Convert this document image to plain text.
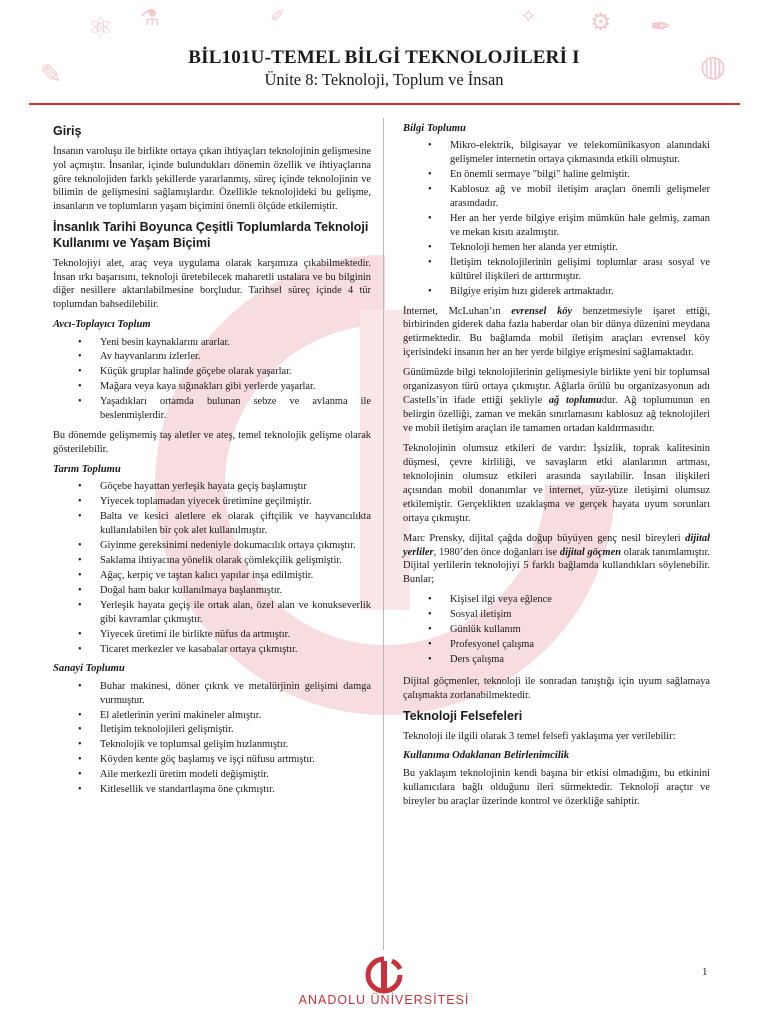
⚛
✎
⚗	⚙ ✒
◍
✧
✐
BİL101U-TEMEL BİLGİ TEKNOLOJİLERİ I
Ünite 8: Teknoloji, Toplum ve İnsan
Giriş

İnsanın varoluşu ile birlikte ortaya çıkan ihtiyaçları teknolojinin gelişmesine yol açmıştır. İnsanlar, içinde bulundukları dönemin özellik ve ihtiyaçlarına göre teknolojiden farklı şekillerde yararlanmış, süreç içinde teknolojinin ve bilimin de gelişmesini sağlamışlardır. Özellikle teknolojideki bu gelişme, insanların ve toplumların yaşam biçimini önemli ölçüde etkilemiştir.

İnsanlık Tarihi Boyunca Çeşitli Toplumlarda Teknoloji Kullanımı ve Yaşam Biçimi

Teknolojiyi alet, araç veya uygulama olarak karşımıza çıkabilmektedir. İnsan ırkı başarısını, teknoloji üretebilecek maharetli ustalara ve bu bilginin diğer nesillere aktarılabilmesine borçludur. Tarihsel süreç içinde 4 tür toplumdan bahsedilebilir.

Avcı-Toplayıcı Toplum
• Yeni besin kaynaklarını ararlar.
• Av hayvanlarını izlerler.
• Küçük gruplar halinde göçebe olarak yaşarlar.
• Mağara veya kaya sığınakları gibi yerlerde yaşarlar.
• Yaşadıkları ortamda bulunan sebze ve avlanma ile beslenmişlerdir.

Bu dönemde gelişmemiş taş aletler ve ateş, temel teknolojik gelişme olarak gösterilebilir.

Tarım Toplumu
• Göçebe hayattan yerleşik hayata geçiş başlamıştır
• Yiyecek toplamadan yiyecek üretimine geçilmiştir.
• Balta ve kesici aletlere ek olarak çiftçilik ve hayvancılıkta kullanılabilen bir çok alet kullanılmıştır.
• Giyinme gereksinimi nedeniyle dokumacılık ortaya çıkmıştır.
• Saklama ihtiyacına yönelik olarak çömlekçilik gelişmiştir.
• Ağaç, kerpiç ve taştan kalıcı yapılar inşa edilmiştir.
• Doğal ham bakır kullanılmaya başlanmıştır.
• Yerleşik hayata geçiş ile ortak alan, özel alan ve konukseverlik gibi kavramlar çıkmıştır.
• Yiyecek üretimi ile birlikte nüfus da artmıştır.
• Ticaret merkezler ve kasabalar ortaya çıkmıştır.
Sanayi Toplumu
• Buhar makinesi, döner çıkrık ve metalürjinin gelişimi damga vurmuştur.
• El aletlerinin yerini makineler almıştır.
• İletişim teknolojileri gelişmiştir.
• Teknolojik ve toplumsal gelişim hızlanmıştır.
• Köyden kente göç başlamış ve işçi nüfusu artmıştır.
• Aile merkezli üretim modeli değişmiştir.
• Kitlesellik ve standartlaşma öne çıkmıştır.
Bilgi Toplumu
• Mikro-elektrik, bilgisayar ve telekomünikasyon alanındaki gelişmeler internetin ortaya çıkmasında etkili olmuştur.
• En önemli sermaye "bilgi" haline gelmiştir.
• Kablosuz ağ ve mobil iletişim araçları önemli gelişmeler arasındadır.
• Her an her yerde bilgiye erişim mümkün hale gelmiş, zaman ve mekan kısıtı azalmıştır.
• Teknoloji hemen her alanda yer etmiştir.
• İletişim teknolojilerinin gelişimi toplumlar arası sosyal ve kültürel ilişkileri de arttırmıştır.
• Bilgiye erişim hızı giderek artmaktadır.

İnternet, McLuhan’ın evrensel köy benzetmesiyle işaret ettiği, birbirinden giderek daha fazla haberdar olan bir dünya düzenini meydana getirmektedir. Bu bağlamda mobil iletişim araçları evrensel köy içerisindeki insanın her an her yerde bilgiye erişmesini sağlamaktadır.

Günümüzde bilgi teknolojilerinin gelişmesiyle birlikte yeni bir toplumsal organizasyon türü ortaya çıkmıştır. Ağlarla örülü bu organizasyonun adı Castells’in ifade ettiği şekliyle ağ toplumudur. Ağ toplumunun en belirgin özelliği, zaman ve mekân sınırlamasını kablosuz ağ teknolojileri ve mobil iletişim araçları ile tamamen ortadan kaldırmasıdır.

Teknolojinin olumsuz etkileri de vardır: İşsizlik, toprak kalitesinin düşmesi, çevre kirliliği, ve savaşların etki alanlarının artması, teknolojinin olumsuz etkileri arasında sayılabilir. İnsan ilişkileri açısından mobil donanımlar ve internet, yüz-yüze iletişimi olumsuz etkilemiştir. Gerçeklikten uzaklaşma ve gerçek hayata uyum sorunları ortaya çıkmıştır.

Marc Prensky, dijital çağda doğup büyüyen genç nesil bireyleri dijital yerliler, 1980’den önce doğanları ise dijital göçmen olarak tanımlamıştır. Dijital yerlilerin teknolojiyi 5 farklı bağlamda kullandıkları söylenebilir. Bunlar;

• Kişisel ilgi veya eğlence
• Sosyal iletişim
• Günlük kullanım
• Profesyonel çalışma
• Ders çalışma

Dijital göçmenler, teknoloji ile sonradan tanıştığı için uyum sağlamaya çalışmakta zorlanabilmektedir.

Teknoloji Felsefeleri

Teknoloji ile ilgili olarak 3 temel felsefi yaklaşıma yer verilebilir:

Kullanıma Odaklanan Belirlenimcilik

Bu yaklaşım teknolojinin kendi başına bir etkisi olmadığını, bu etkinini kullanıcılara bağlı olduğunu ileri sürmektedir. Teknoloji araçtır ve bireyler bu araçlar üzerinde kontrol ve özerkliğe sahiptir.

1
ANADOLU ÜNİVERSİTESİ
